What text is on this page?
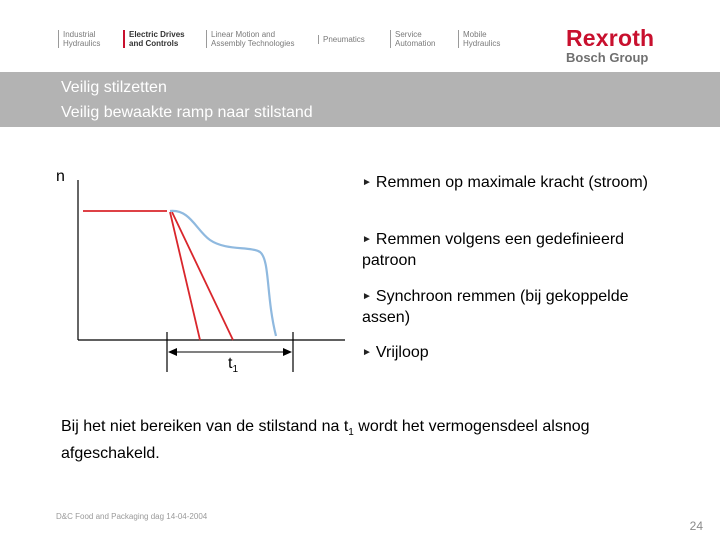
Industrial
Hydraulics
Electric Drives
and Controls
Linear Motion and
Assembly Technologies	Pneumatics
Service
Automation
Mobile
Hydraulics	Rexroth
Bosch Group
Veilig stilzetten
Veilig bewaakte ramp naar stilstand
n
$t_1$
► Remmen op maximale kracht (stroom)
► Remmen volgens een gedefinieerd patroon
► Synchroon remmen (bij gekoppelde assen)
► Vrijloop
Bij het niet bereiken van de stilstand na $t_1$ wordt het vermogensdeel alsnog afgeschakeld.
D&C Food and Packaging dag 14-04-2004
24
